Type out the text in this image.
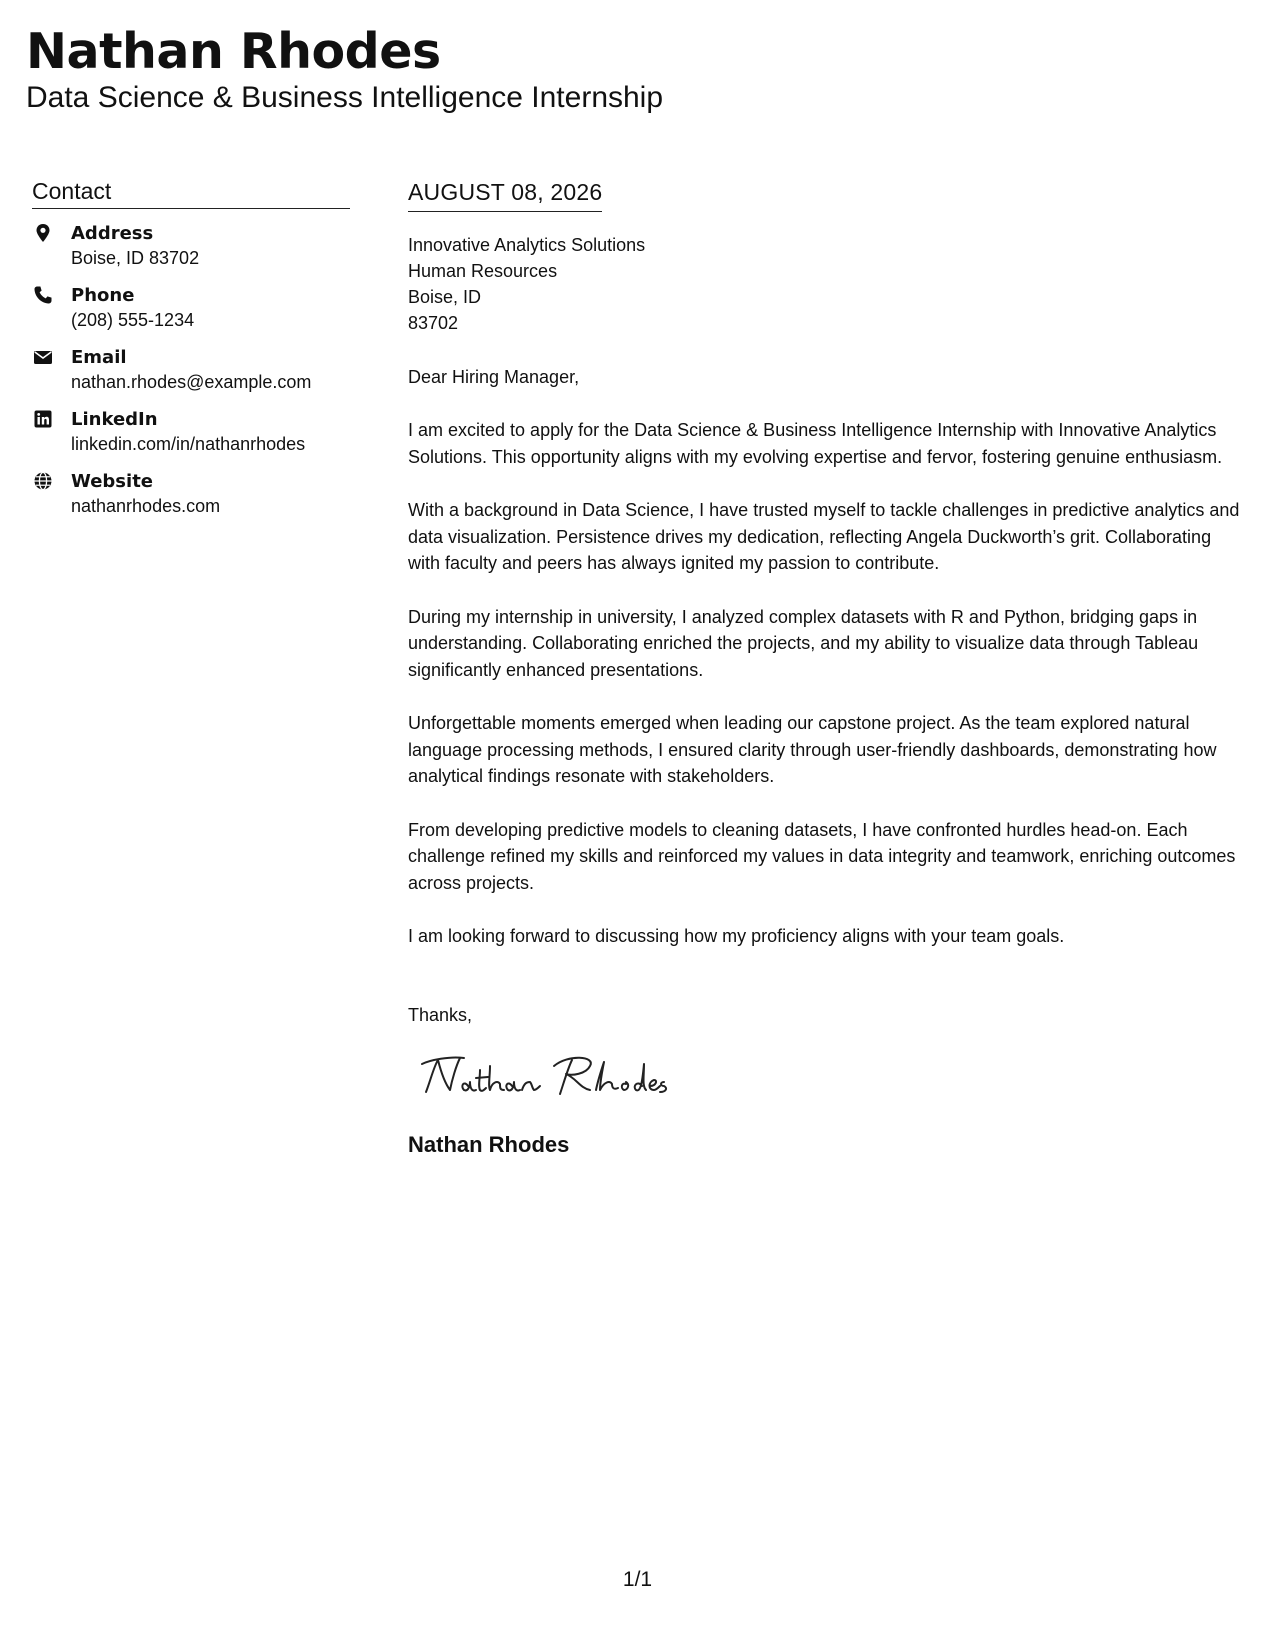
Nathan Rhodes
Data Science & Business Intelligence Internship
Contact
Address
Boise, ID 83702
Phone
(208) 555-1234
Email
nathan.rhodes@example.com
LinkedIn
linkedin.com/in/nathanrhodes
Website
nathanrhodes.com
AUGUST 08, 2026
Innovative Analytics Solutions
Human Resources
Boise, ID
83702
Dear Hiring Manager,
I am excited to apply for the Data Science & Business Intelligence Internship with Innovative Analytics Solutions. This opportunity aligns with my evolving expertise and fervor, fostering genuine enthusiasm.
With a background in Data Science, I have trusted myself to tackle challenges in predictive analytics and data visualization. Persistence drives my dedication, reflecting Angela Duckworth’s grit. Collaborating with faculty and peers has always ignited my passion to contribute.
During my internship in university, I analyzed complex datasets with R and Python, bridging gaps in understanding. Collaborating enriched the projects, and my ability to visualize data through Tableau significantly enhanced presentations.
Unforgettable moments emerged when leading our capstone project. As the team explored natural language processing methods, I ensured clarity through user-friendly dashboards, demonstrating how analytical findings resonate with stakeholders.
From developing predictive models to cleaning datasets, I have confronted hurdles head-on. Each challenge refined my skills and reinforced my values in data integrity and teamwork, enriching outcomes across projects.
I am looking forward to discussing how my proficiency aligns with your team goals.
Thanks,
Nathan Rhodes
1/1
